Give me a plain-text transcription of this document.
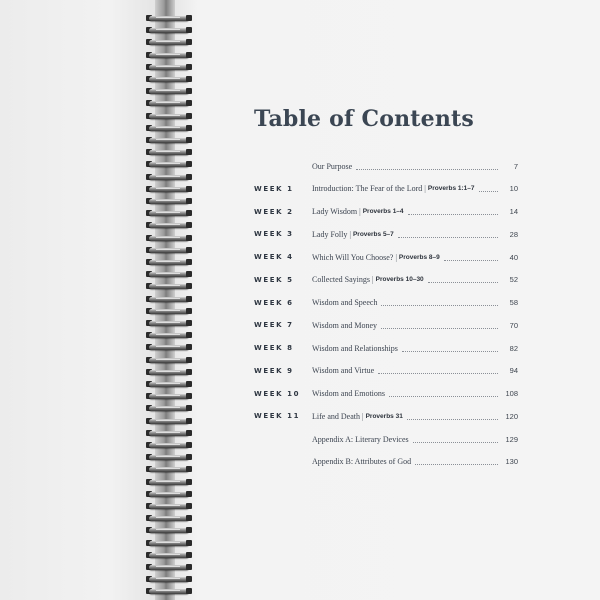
Table of Contents
Our Purpose	7
WEEK 1	Introduction: The Fear of the Lord | Proverbs 1:1–7	10
WEEK 2	Lady Wisdom | Proverbs 1–4	14
WEEK 3	Lady Folly | Proverbs 5–7	28
WEEK 4	Which Will You Choose? | Proverbs 8–9	40
WEEK 5	Collected Sayings | Proverbs 10–30	52
WEEK 6	Wisdom and Speech	58
WEEK 7	Wisdom and Money	70
WEEK 8	Wisdom and Relationships	82
WEEK 9	Wisdom and Virtue	94
WEEK 10	Wisdom and Emotions	108
WEEK 11	Life and Death | Proverbs 31	120
Appendix A: Literary Devices	129
Appendix B: Attributes of God	130
